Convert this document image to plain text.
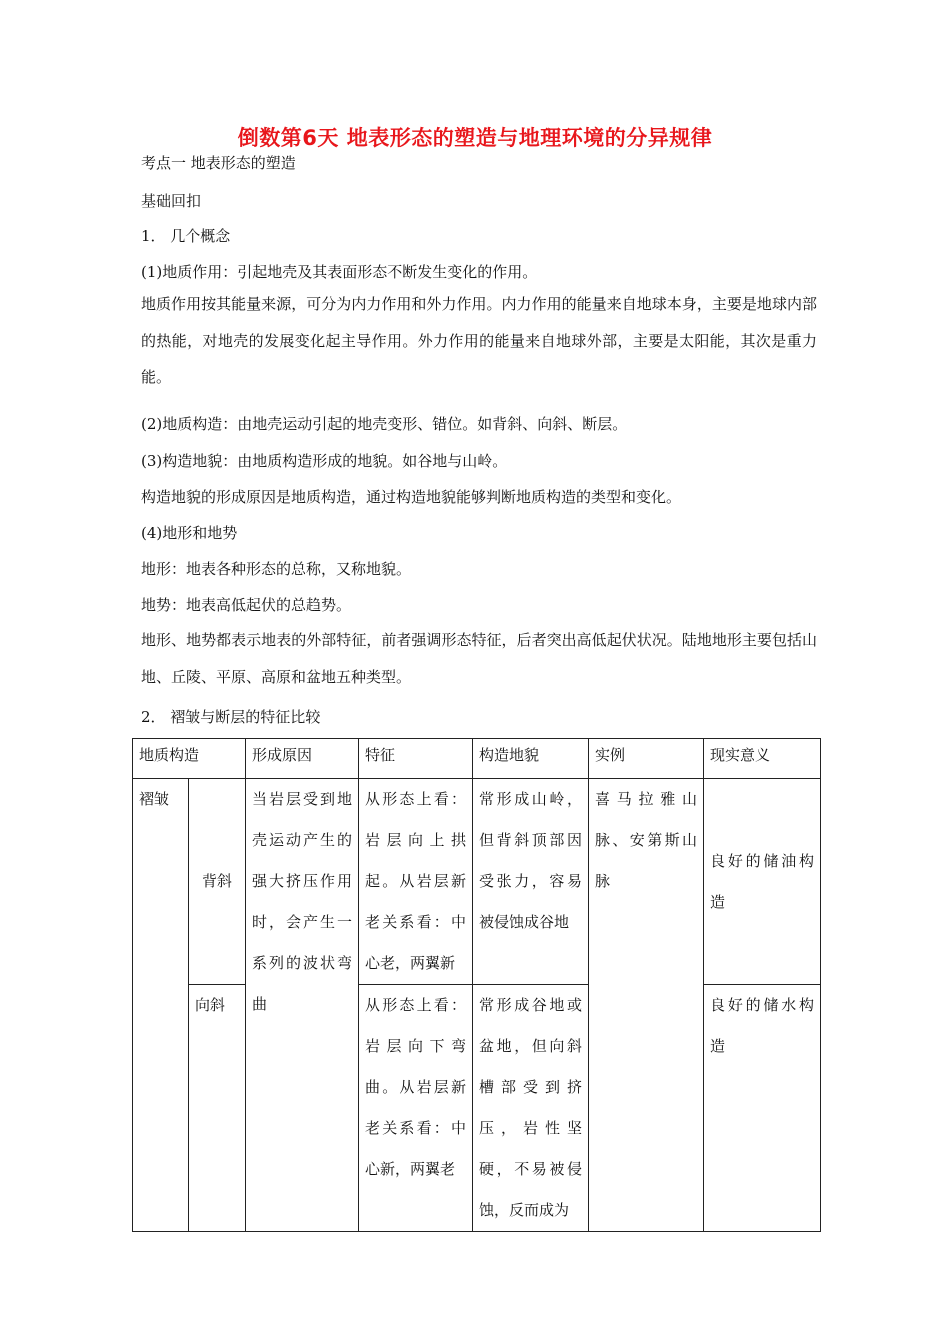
倒数第6天 地表形态的塑造与地理环境的分异规律
考点一 地表形态的塑造
基础回扣
1． 几个概念
(1)地质作用：引起地壳及其表面形态不断发生变化的作用。
地质作用按其能量来源，可分为内力作用和外力作用。内力作用的能量来自地球本身，主要是地球内部的热能，对地壳的发展变化起主导作用。外力作用的能量来自地球外部，主要是太阳能，其次是重力能。
(2)地质构造：由地壳运动引起的地壳变形、错位。如背斜、向斜、断层。
(3)构造地貌：由地质构造形成的地貌。如谷地与山岭。
构造地貌的形成原因是地质构造，通过构造地貌能够判断地质构造的类型和变化。
(4)地形和地势
地形：地表各种形态的总称，又称地貌。
地势：地表高低起伏的总趋势。
地形、地势都表示地表的外部特征，前者强调形态特征，后者突出高低起伏状况。陆地地形主要包括山地、丘陵、平原、高原和盆地五种类型。
2． 褶皱与断层的特征比较
地质构造		形成原因	特征	构造地貌	实例	现实意义
褶皱	背斜	当岩层受到地壳运动产生的强大挤压作用时，会产生一系列的波状弯曲	从形态上看：岩层向上拱起。从岩层新老关系看：中心老，两翼新	常形成山岭，但背斜顶部因受张力，容易被侵蚀成谷地	喜马拉雅山脉、安第斯山脉	良好的储油构造
	向斜		从形态上看：岩层向下弯曲。从岩层新老关系看：中心新，两翼老	常形成谷地或盆地，但向斜槽部受到挤压，岩性坚硬，不易被侵蚀，反而成为		良好的储水构造
